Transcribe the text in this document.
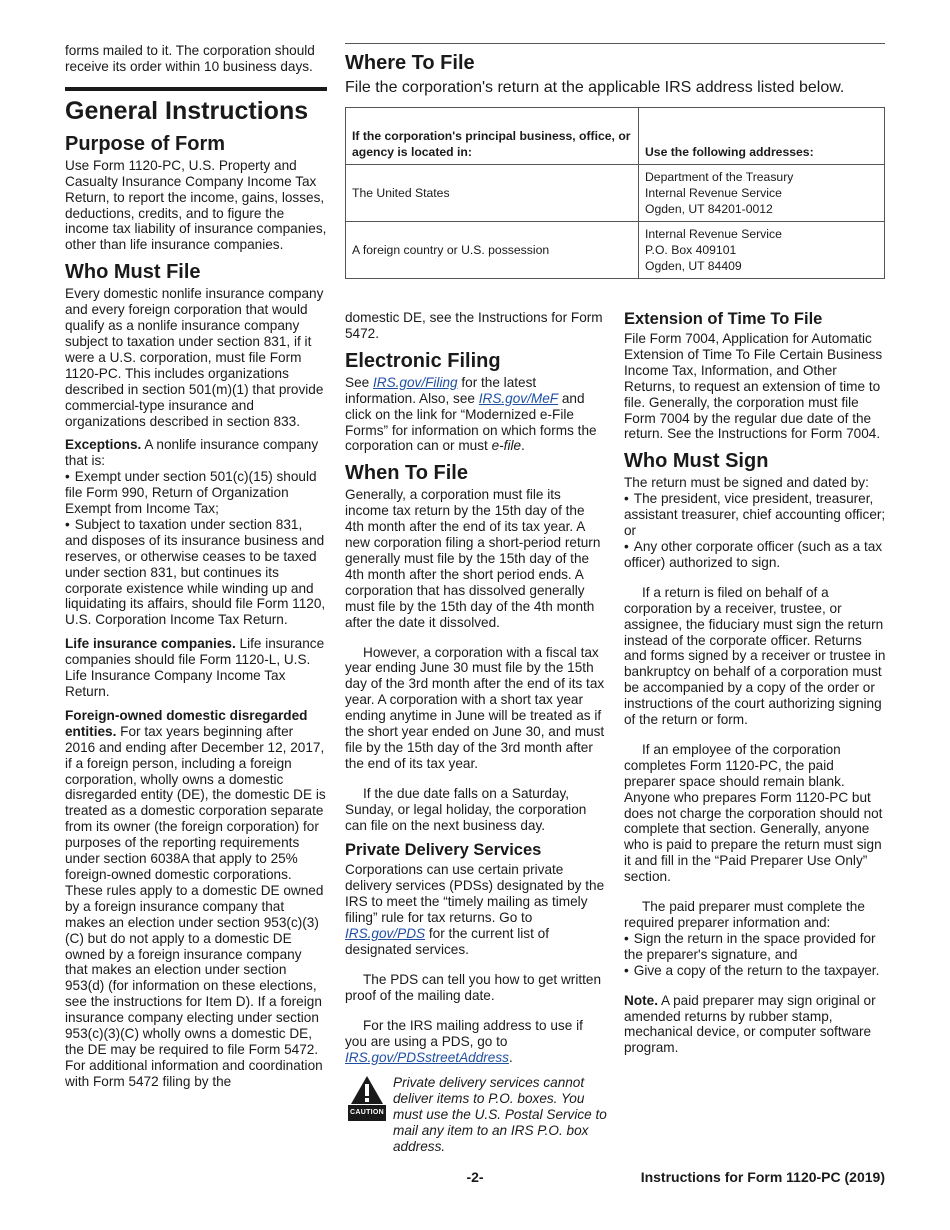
forms mailed to it. The corporation should receive its order within 10 business days.

General Instructions
Purpose of Form

Use Form 1120-PC, U.S. Property and Casualty Insurance Company Income Tax Return, to report the income, gains, losses, deductions, credits, and to figure the income tax liability of insurance companies, other than life insurance companies.

Who Must File

Every domestic nonlife insurance company and every foreign corporation that would qualify as a nonlife insurance company subject to taxation under section 831, if it were a U.S. corporation, must file Form 1120-PC. This includes organizations described in section 501(m)(1) that provide commercial-type insurance and organizations described in section 833.

Exceptions. A nonlife insurance company that is:

• Exempt under section 501(c)(15) should file Form 990, Return of Organization Exempt from Income Tax;

• Subject to taxation under section 831, and disposes of its insurance business and reserves, or otherwise ceases to be taxed under section 831, but continues its corporate existence while winding up and liquidating its affairs, should file Form 1120, U.S. Corporation Income Tax Return.

Life insurance companies. Life insurance companies should file Form 1120-L, U.S. Life Insurance Company Income Tax Return.

Foreign-owned domestic disregarded entities. For tax years beginning after 2016 and ending after December 12, 2017, if a foreign person, including a foreign corporation, wholly owns a domestic disregarded entity (DE), the domestic DE is treated as a domestic corporation separate from its owner (the foreign corporation) for purposes of the reporting requirements under section 6038A that apply to 25% foreign-owned domestic corporations. These rules apply to a domestic DE owned by a foreign insurance company that makes an election under section 953(c)(3)(C) but do not apply to a domestic DE owned by a foreign insurance company that makes an election under section 953(d) (for information on these elections, see the instructions for Item D). If a foreign insurance company electing under section 953(c)(3)(C) wholly owns a domestic DE, the DE may be required to file Form 5472. For additional information and coordination with Form 5472 filing by the

Where To File

File the corporation's return at the applicable IRS address listed below.

If the corporation's principal business, office, or agency is located in:	Use the following addresses:
The United States	Department of the Treasury
Internal Revenue Service
Ogden, UT 84201-0012

A foreign country or U.S. possession	Internal Revenue Service
P.O. Box 409101
Ogden, UT 84409

domestic DE, see the Instructions for Form 5472.

Electronic Filing

See IRS.gov/Filing for the latest information. Also, see IRS.gov/MeF and click on the link for “Modernized e-File Forms” for information on which forms the corporation can or must e-file.

When To File

Generally, a corporation must file its income tax return by the 15th day of the 4th month after the end of its tax year. A new corporation filing a short-period return generally must file by the 15th day of the 4th month after the short period ends. A corporation that has dissolved generally must file by the 15th day of the 4th month after the date it dissolved.

However, a corporation with a fiscal tax year ending June 30 must file by the 15th day of the 3rd month after the end of its tax year. A corporation with a short tax year ending anytime in June will be treated as if the short year ended on June 30, and must file by the 15th day of the 3rd month after the end of its tax year.

If the due date falls on a Saturday, Sunday, or legal holiday, the corporation can file on the next business day.

Private Delivery Services

Corporations can use certain private delivery services (PDSs) designated by the IRS to meet the “timely mailing as timely filing” rule for tax returns. Go to IRS.gov/PDS for the current list of designated services.

The PDS can tell you how to get written proof of the mailing date.

For the IRS mailing address to use if you are using a PDS, go to IRS.gov/PDSstreetAddress.

CAUTION
Private delivery services cannot deliver items to P.O. boxes. You must use the U.S. Postal Service to mail any item to an IRS P.O. box address.
Extension of Time To File

File Form 7004, Application for Automatic Extension of Time To File Certain Business Income Tax, Information, and Other Returns, to request an extension of time to file. Generally, the corporation must file Form 7004 by the regular due date of the return. See the Instructions for Form 7004.

Who Must Sign

The return must be signed and dated by:

• The president, vice president, treasurer, assistant treasurer, chief accounting officer; or

• Any other corporate officer (such as a tax officer) authorized to sign.

If a return is filed on behalf of a corporation by a receiver, trustee, or assignee, the fiduciary must sign the return instead of the corporate officer. Returns and forms signed by a receiver or trustee in bankruptcy on behalf of a corporation must be accompanied by a copy of the order or instructions of the court authorizing signing of the return or form.

If an employee of the corporation completes Form 1120-PC, the paid preparer space should remain blank. Anyone who prepares Form 1120-PC but does not charge the corporation should not complete that section. Generally, anyone who is paid to prepare the return must sign it and fill in the “Paid Preparer Use Only” section.

The paid preparer must complete the required preparer information and:

• Sign the return in the space provided for the preparer's signature, and

• Give a copy of the return to the taxpayer.

Note. A paid preparer may sign original or amended returns by rubber stamp, mechanical device, or computer software program.

-2-	Instructions for Form 1120-PC (2019)
